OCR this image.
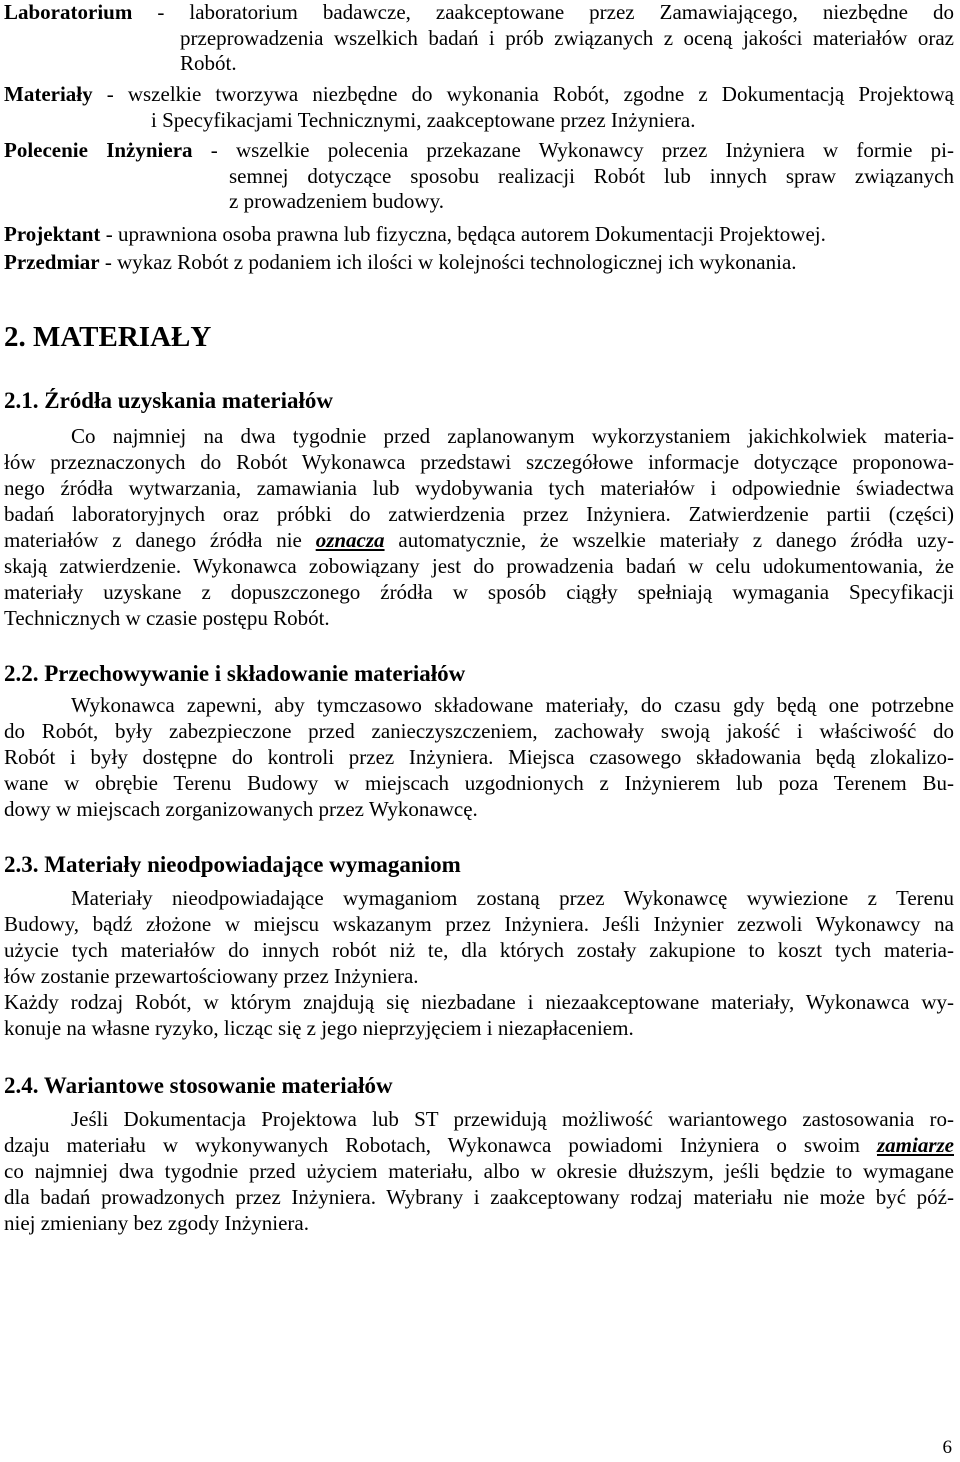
Laboratorium - laboratorium badawcze, zaakceptowane przez Zamawiającego, niezbędne do
przeprowadzenia wszelkich badań i prób związanych z oceną jakości materiałów oraz
Robót.
Materiały - wszelkie tworzywa niezbędne do wykonania Robót, zgodne z Dokumentacją Projektową
i Specyfikacjami Technicznymi, zaakceptowane przez Inżyniera.
Polecenie Inżyniera - wszelkie polecenia przekazane Wykonawcy przez Inżyniera w formie pi-
semnej dotyczące sposobu realizacji Robót lub innych spraw związanych
z prowadzeniem budowy.
Projektant - uprawniona osoba prawna lub fizyczna, będąca autorem Dokumentacji Projektowej.
Przedmiar - wykaz Robót z podaniem ich ilości w kolejności technologicznej ich wykonania.
2. MATERIAŁY
2.1. Źródła uzyskania materiałów
Co najmniej na dwa tygodnie przed zaplanowanym wykorzystaniem jakichkolwiek materia-
łów przeznaczonych do Robót Wykonawca przedstawi szczegółowe informacje dotyczące proponowa-
nego źródła wytwarzania, zamawiania lub wydobywania tych materiałów i odpowiednie świadectwa
badań laboratoryjnych oraz próbki do zatwierdzenia przez Inżyniera. Zatwierdzenie partii (części)
materiałów z danego źródła nie oznacza automatycznie, że wszelkie materiały z danego źródła uzy-
skają zatwierdzenie. Wykonawca zobowiązany jest do prowadzenia badań w celu udokumentowania, że
materiały uzyskane z dopuszczonego źródła w sposób ciągły spełniają wymagania Specyfikacji
Technicznych w czasie postępu Robót.
2.2. Przechowywanie i składowanie materiałów
Wykonawca zapewni, aby tymczasowo składowane materiały, do czasu gdy będą one potrzebne
do Robót, były zabezpieczone przed zanieczyszczeniem, zachowały swoją jakość i właściwość do
Robót i były dostępne do kontroli przez Inżyniera. Miejsca czasowego składowania będą zlokalizo-
wane w obrębie Terenu Budowy w miejscach uzgodnionych z Inżynierem lub poza Terenem Bu-
dowy w miejscach zorganizowanych przez Wykonawcę.
2.3. Materiały nieodpowiadające wymaganiom
Materiały nieodpowiadające wymaganiom zostaną przez Wykonawcę wywiezione z Terenu
Budowy, bądź złożone w miejscu wskazanym przez Inżyniera. Jeśli Inżynier zezwoli Wykonawcy na
użycie tych materiałów do innych robót niż te, dla których zostały zakupione to koszt tych materia-
łów zostanie przewartościowany przez Inżyniera.
Każdy rodzaj Robót, w którym znajdują się niezbadane i niezaakceptowane materiały, Wykonawca wy-
konuje na własne ryzyko, licząc się z jego nieprzyjęciem i niezapłaceniem.
2.4. Wariantowe stosowanie materiałów
Jeśli Dokumentacja Projektowa lub ST przewidują możliwość wariantowego zastosowania ro-
dzaju materiału w wykonywanych Robotach, Wykonawca powiadomi Inżyniera o swoim zamiarze
co najmniej dwa tygodnie przed użyciem materiału, albo w okresie dłuższym, jeśli będzie to wymagane
dla badań prowadzonych przez Inżyniera. Wybrany i zaakceptowany rodzaj materiału nie może być póź-
niej zmieniany bez zgody Inżyniera.
6
